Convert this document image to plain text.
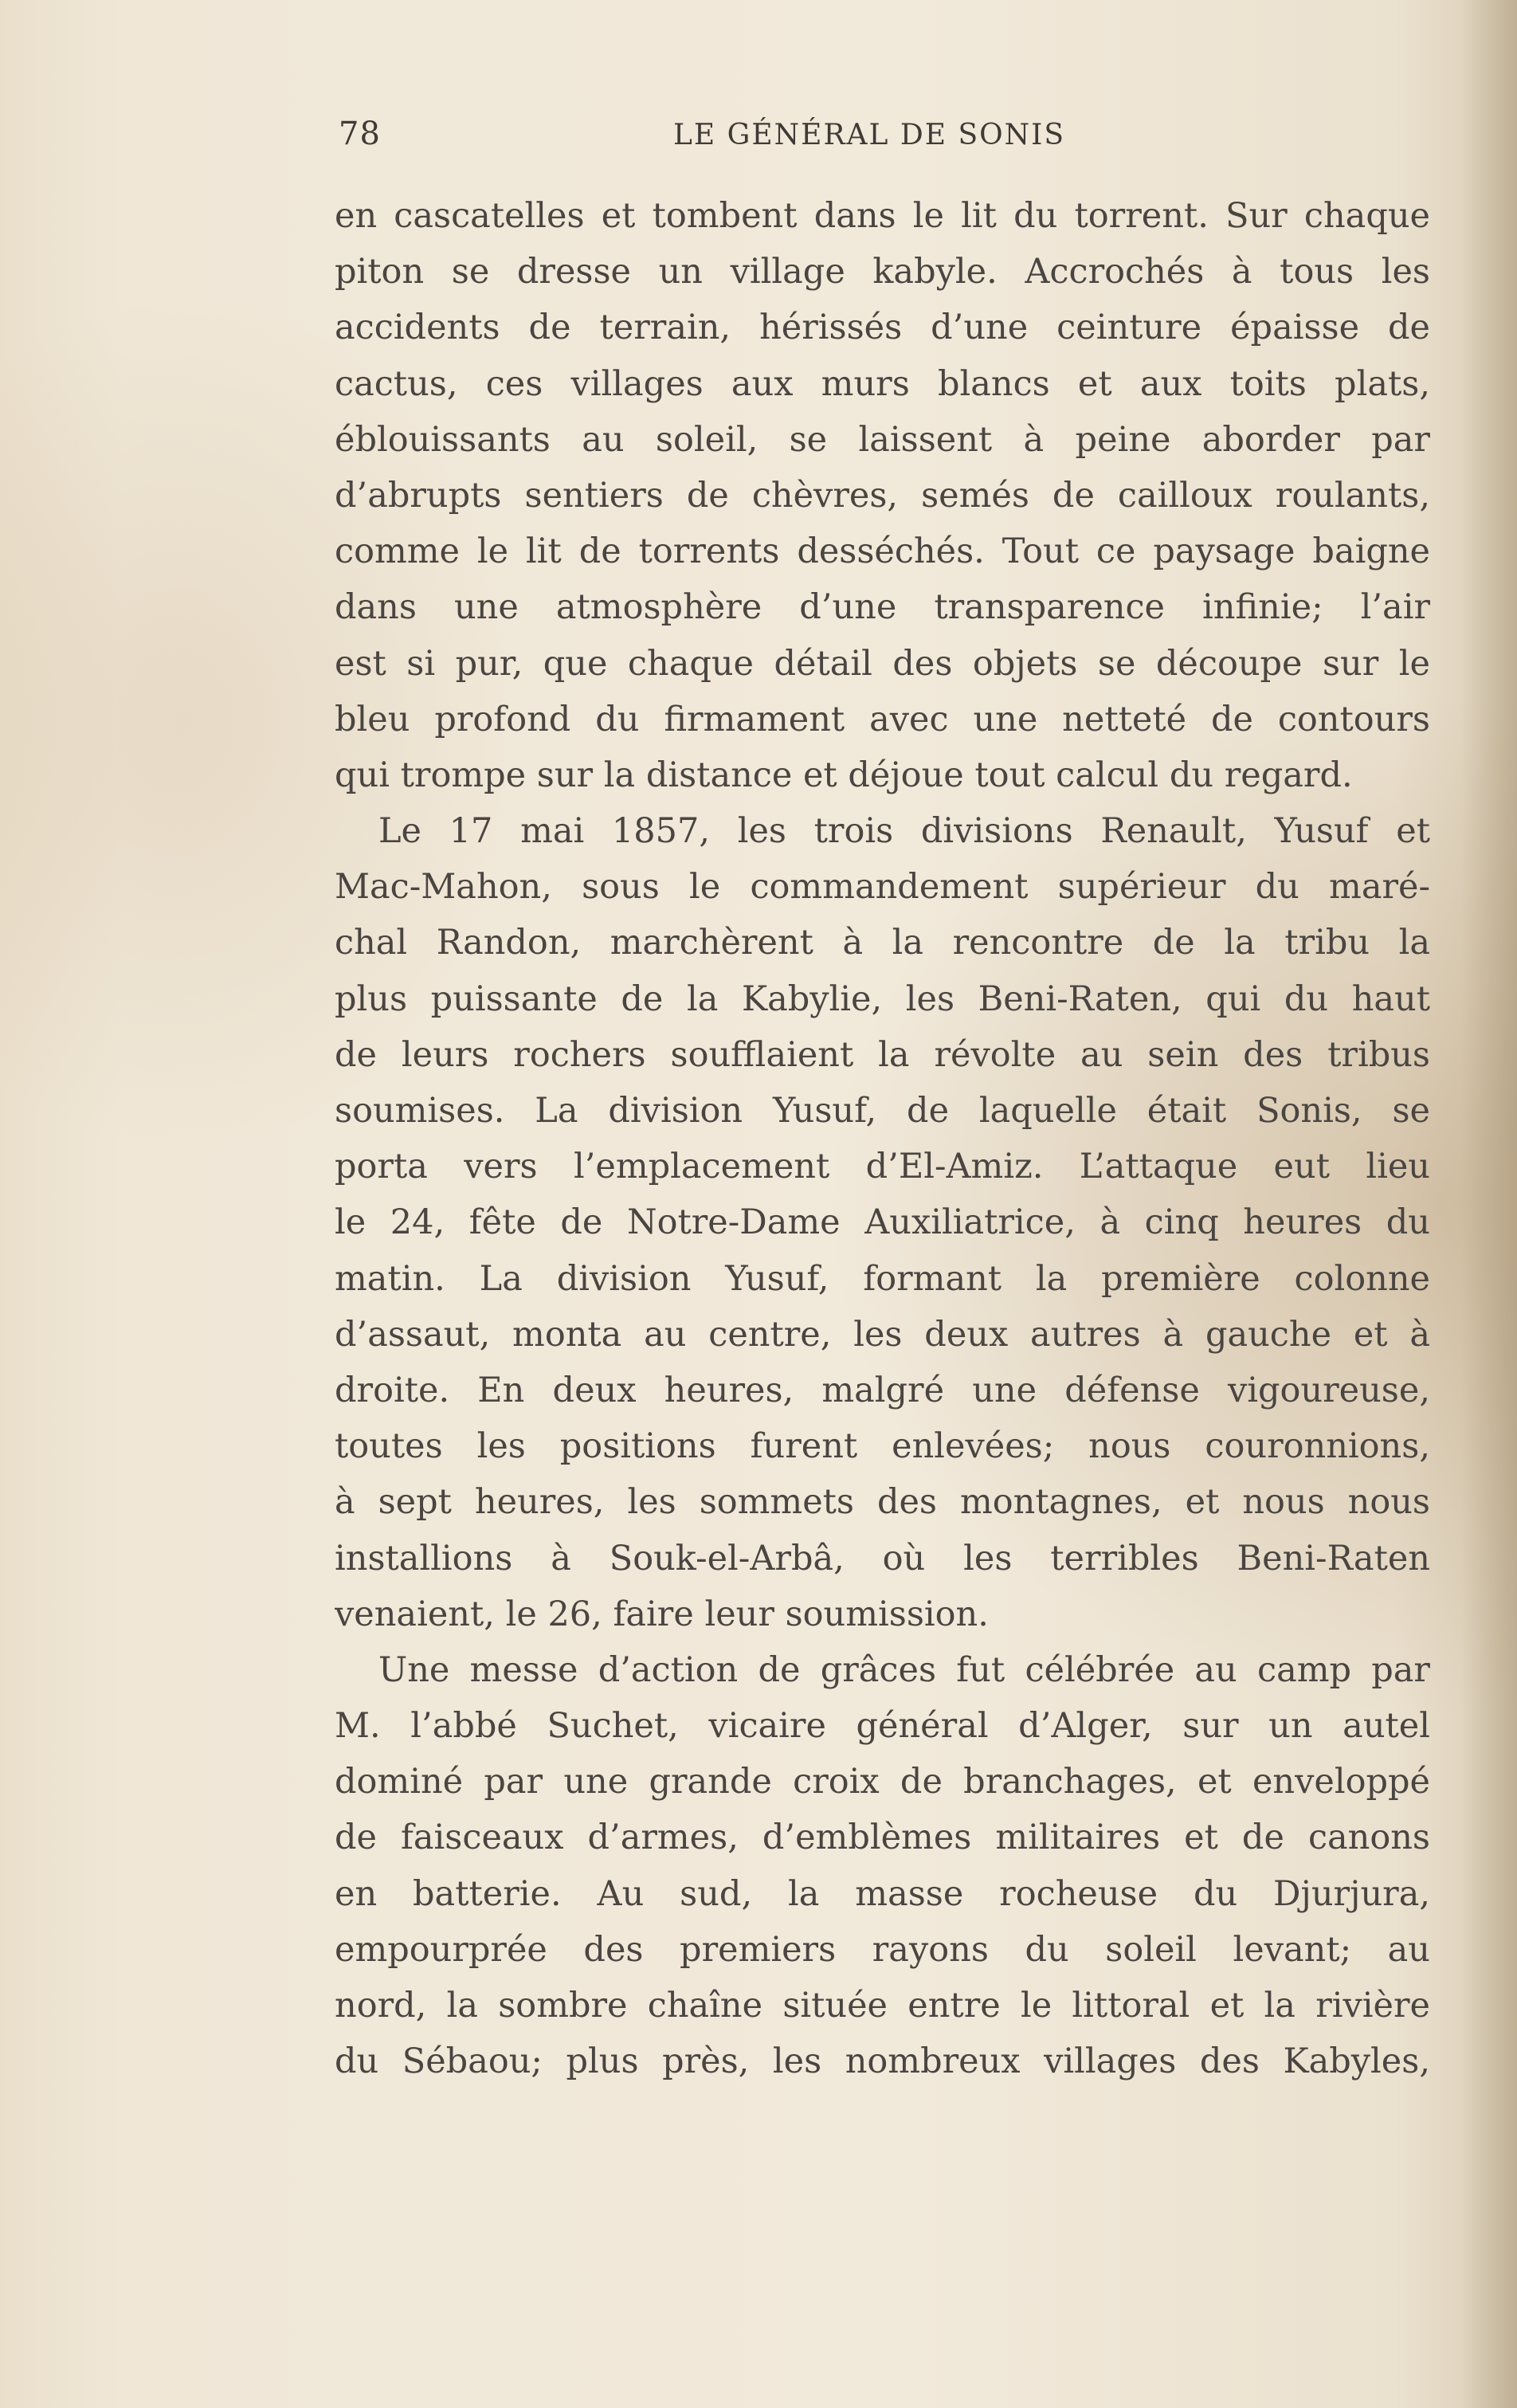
78	LE GÉNÉRAL DE SONIS
en cascatelles et tombent dans le lit du torrent. Sur chaque
piton se dresse un village kabyle. Accrochés à tous les
accidents de terrain, hérissés d’une ceinture épaisse de
cactus, ces villages aux murs blancs et aux toits plats,
éblouissants au soleil, se laissent à peine aborder par
d’abrupts sentiers de chèvres, semés de cailloux roulants,
comme le lit de torrents desséchés. Tout ce paysage baigne
dans une atmosphère d’une transparence infinie; l’air
est si pur, que chaque détail des objets se découpe sur le
bleu profond du firmament avec une netteté de contours
qui trompe sur la distance et déjoue tout calcul du regard.
Le 17 mai 1857, les trois divisions Renault, Yusuf et
Mac-Mahon, sous le commandement supérieur du maré-
chal Randon, marchèrent à la rencontre de la tribu la
plus puissante de la Kabylie, les Beni-Raten, qui du haut
de leurs rochers soufflaient la révolte au sein des tribus
soumises. La division Yusuf, de laquelle était Sonis, se
porta vers l’emplacement d’El-Amiz. L’attaque eut lieu
le 24, fête de Notre-Dame Auxiliatrice, à cinq heures du
matin. La division Yusuf, formant la première colonne
d’assaut, monta au centre, les deux autres à gauche et à
droite. En deux heures, malgré une défense vigoureuse,
toutes les positions furent enlevées; nous couronnions,
à sept heures, les sommets des montagnes, et nous nous
installions à Souk-el-Arbâ, où les terribles Beni-Raten
venaient, le 26, faire leur soumission.
Une messe d’action de grâces fut célébrée au camp par
M. l’abbé Suchet, vicaire général d’Alger, sur un autel
dominé par une grande croix de branchages, et enveloppé
de faisceaux d’armes, d’emblèmes militaires et de canons
en batterie. Au sud, la masse rocheuse du Djurjura,
empourprée des premiers rayons du soleil levant; au
nord, la sombre chaîne située entre le littoral et la rivière
du Sébaou; plus près, les nombreux villages des Kabyles,
